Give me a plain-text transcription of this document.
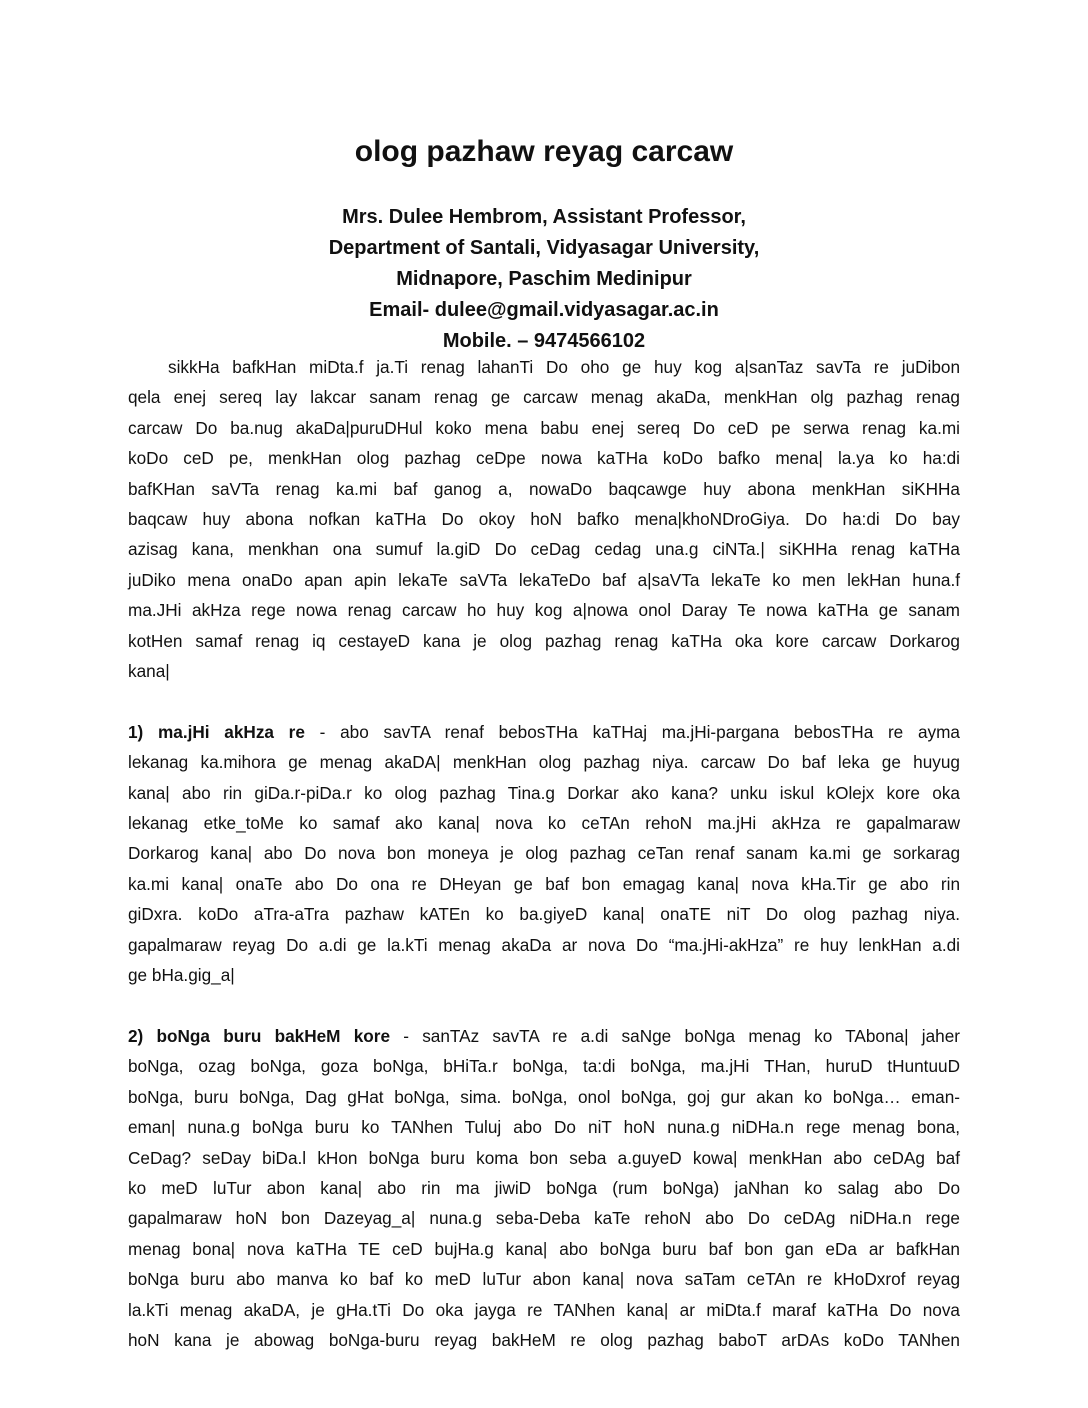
olog pazhaw reyag carcaw
Mrs. Dulee Hembrom, Assistant Professor,
Department of Santali, Vidyasagar University,
Midnapore, Paschim Medinipur
Email- dulee@gmail.vidyasagar.ac.in
Mobile. – 9474566102

sikkHa bafkHan miDta.f ja.Ti renag lahanTi Do oho ge huy kog a|sanTaz savTa re juDibon

qela enej sereq lay lakcar sanam renag ge carcaw menag akaDa, menkHan olg pazhag renag

carcaw Do ba.nug akaDa|puruDHul koko mena babu enej sereq Do ceD pe serwa renag ka.mi

koDo ceD pe, menkHan olog pazhag ceDpe nowa kaTHa koDo bafko mena| la.ya ko ha:di

bafKHan saVTa renag ka.mi baf ganog a, nowaDo baqcawge huy abona menkHan siKHHa

baqcaw huy abona nofkan kaTHa Do okoy hoN bafko mena|khoNDroGiya. Do ha:di Do bay

azisag kana, menkhan ona sumuf la.giD Do ceDag cedag una.g ciNTa.| siKHHa renag kaTHa

juDiko mena onaDo apan apin lekaTe saVTa lekaTeDo baf a|saVTa lekaTe ko men lekHan huna.f

ma.JHi akHza rege nowa renag carcaw ho huy kog a|nowa onol Daray Te nowa kaTHa ge sanam

kotHen samaf renag iq cestayeD kana je olog pazhag renag kaTHa oka kore carcaw Dorkarog

kana|

1) ma.jHi akHza re - abo savTA renaf bebosTHa kaTHaj ma.jHi-pargana bebosTHa re ayma

lekanag ka.mihora ge menag akaDA| menkHan olog pazhag niya. carcaw Do baf leka ge huyug

kana| abo rin giDa.r-piDa.r ko olog pazhag Tina.g Dorkar ako kana? unku iskul kOlejx kore oka

lekanag etke_toMe ko samaf ako kana| nova ko ceTAn rehoN ma.jHi akHza re gapalmaraw

Dorkarog kana| abo Do nova bon moneya je olog pazhag ceTan renaf sanam ka.mi ge sorkarag

ka.mi kana| onaTe abo Do ona re DHeyan ge baf bon emagag kana| nova kHa.Tir ge abo rin

giDxra. koDo aTra-aTra pazhaw kATEn ko ba.giyeD kana| onaTE niT Do olog pazhag niya.

gapalmaraw reyag Do a.di ge la.kTi menag akaDa ar nova Do “ma.jHi-akHza” re huy lenkHan a.di

ge bHa.gig_a|

2) boNga buru bakHeM kore - sanTAz savTA re a.di saNge boNga menag ko TAbona| jaher

boNga, ozag boNga, goza boNga, bHiTa.r boNga, ta:di boNga, ma.jHi THan, huruD tHuntuuD

boNga, buru boNga, Dag gHat boNga, sima. boNga, onol boNga, goj gur akan ko boNga… eman-

eman| nuna.g boNga buru ko TANhen Tuluj abo Do niT hoN nuna.g niDHa.n rege menag bona,

CeDag? seDay biDa.l kHon boNga buru koma bon seba a.guyeD kowa| menkHan abo ceDAg baf

ko meD luTur abon kana| abo rin ma jiwiD boNga (rum boNga) jaNhan ko salag abo Do

gapalmaraw hoN bon Dazeyag_a| nuna.g seba-Deba kaTe rehoN abo Do ceDAg niDHa.n rege

menag bona| nova kaTHa TE ceD bujHa.g kana| abo boNga buru baf bon gan eDa ar bafkHan

boNga buru abo manva ko baf ko meD luTur abon kana| nova saTam ceTAn re kHoDxrof reyag

la.kTi menag akaDA, je gHa.tTi Do oka jayga re TANhen kana| ar miDta.f maraf kaTHa Do nova

hoN kana je abowag boNga-buru reyag bakHeM re olog pazhag baboT arDAs koDo TANhen
